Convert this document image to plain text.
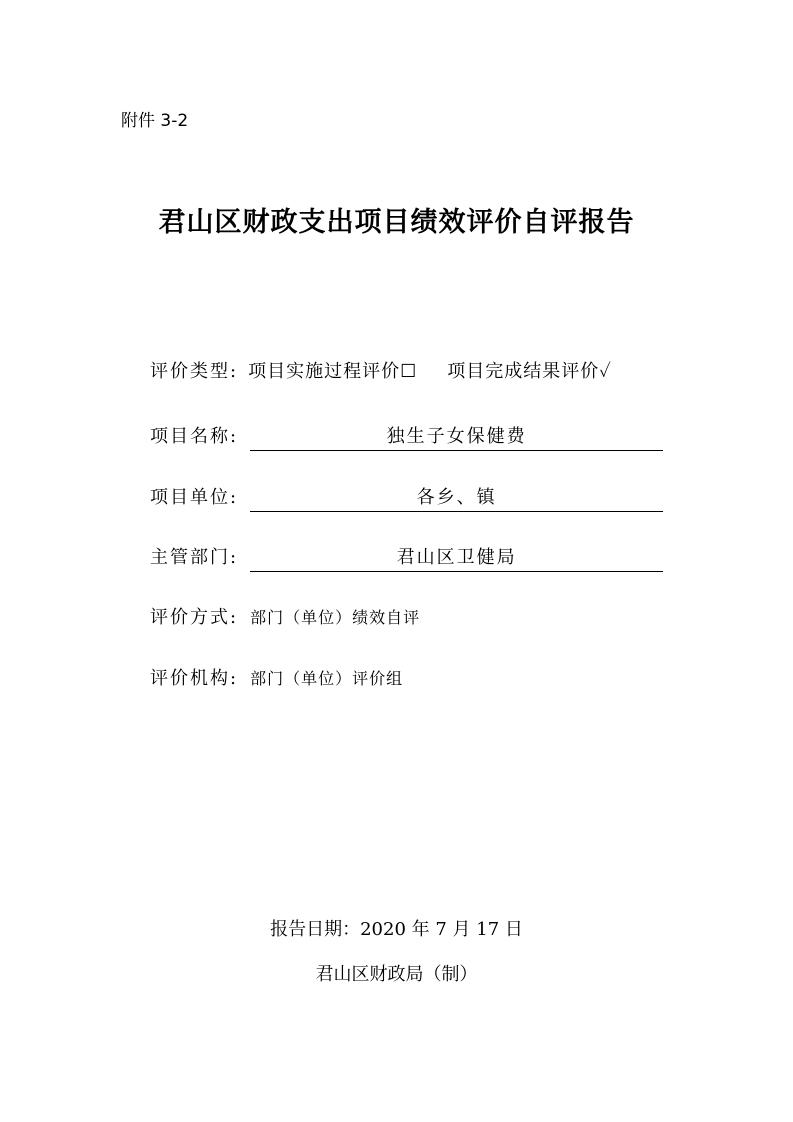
附件 3-2
君山区财政支出项目绩效评价自评报告
评价类型: 项目实施过程评价☐ 项目完成结果评价✓
项目名称:	独生子女保健费
项目单位:	各乡、镇
主管部门:	君山区卫健局
评价方式: 部门（单位）绩效自评
评价机构: 部门（单位）评价组
报告日期：2020 年 7 月 17 日
君山区财政局（制）
